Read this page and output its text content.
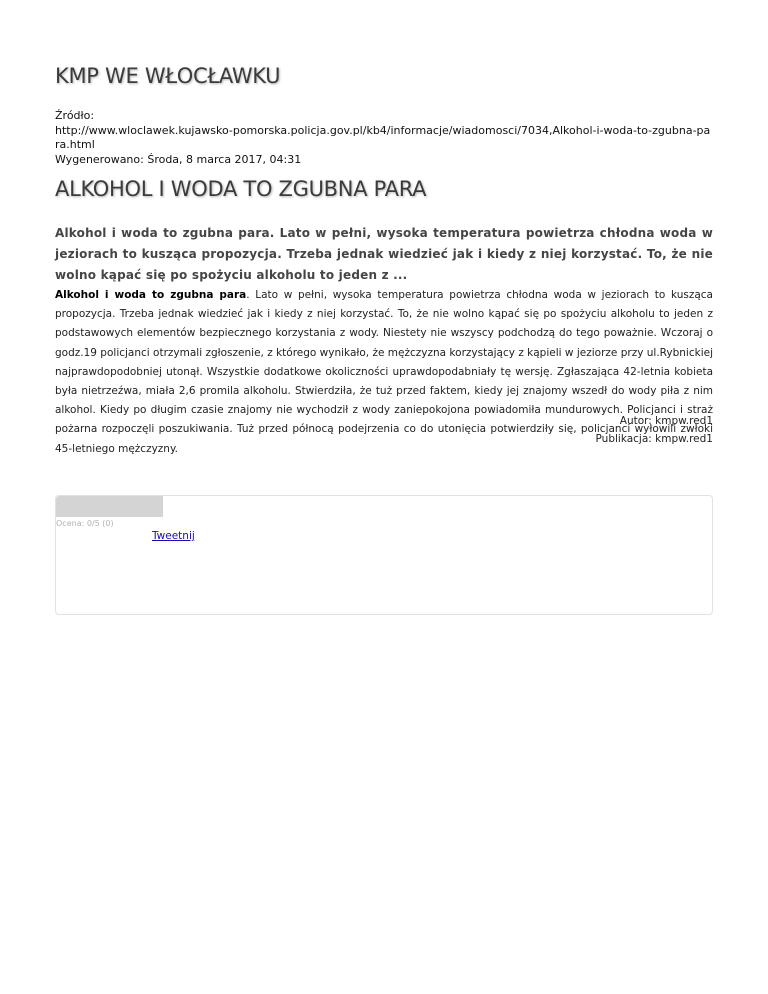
KMP WE WŁOCŁAWKU
Źródło:
http://www.wloclawek.kujawsko-pomorska.policja.gov.pl/kb4/informacje/wiadomosci/7034,Alkohol-i-woda-to-zgubna-para.html
Wygenerowano: Środa, 8 marca 2017, 04:31
ALKOHOL I WODA TO ZGUBNA PARA

Alkohol i woda to zgubna para. Lato w pełni, wysoka temperatura powietrza chłodna woda w jeziorach to kusząca propozycja. Trzeba jednak wiedzieć jak i kiedy z niej korzystać. To, że nie wolno kąpać się po spożyciu alkoholu to jeden z ...

Alkohol i woda to zgubna para. Lato w pełni, wysoka temperatura powietrza chłodna woda w jeziorach to kusząca propozycja. Trzeba jednak wiedzieć jak i kiedy z niej korzystać. To, że nie wolno kąpać się po spożyciu alkoholu to jeden z podstawowych elementów bezpiecznego korzystania z wody. Niestety nie wszyscy podchodzą do tego poważnie. Wczoraj o godz.19 policjanci otrzymali zgłoszenie, z którego wynikało, że mężczyzna korzystający z kąpieli w jeziorze przy ul.Rybnickiej najprawdopodobniej utonął. Wszystkie dodatkowe okoliczności uprawdopodabniały tę wersję. Zgłaszająca 42-letnia kobieta była nietrzeźwa, miała 2,6 promila alkoholu. Stwierdziła, że tuż przed faktem, kiedy jej znajomy wszedł do wody piła z nim alkohol. Kiedy po długim czasie znajomy nie wychodził z wody zaniepokojona powiadomiła mundurowych. Policjanci i straż pożarna rozpoczęli poszukiwania. Tuż przed północą podejrzenia co do utonięcia potwierdziły się, policjanci wyłowili zwłoki 45-letniego mężczyzny.

Autor: kmpw.red1
Publikacja: kmpw.red1
Ocena: 0/5 (0)
Tweetnij
